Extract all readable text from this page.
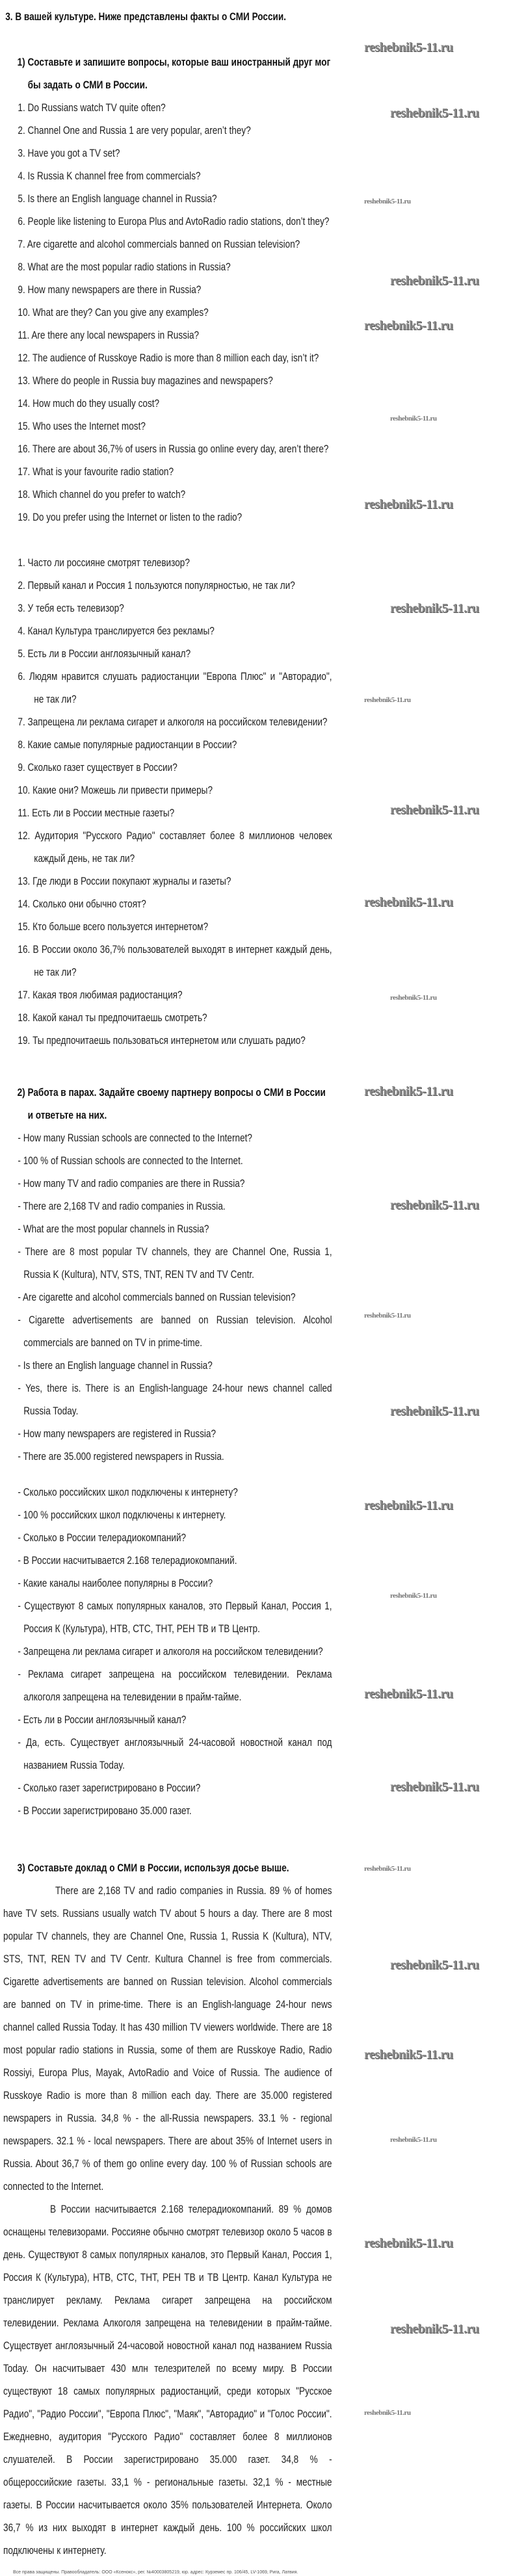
3. В вашей культуре. Ниже представлены факты о СМИ России.

1) Составьте и запишите вопросы, которые ваш иностранный друг мог бы задать о СМИ в России.

1. Do Russians watch TV quite often?

2. Channel One and Russia 1 are very popular, aren’t they?

3. Have you got a TV set?

4. Is Russia K channel free from commercials?

5. Is there an English language channel in Russia?

6. People like listening to Europa Plus and AvtoRadio radio stations, don’t they?

7. Are cigarette and alcohol commercials banned on Russian television?

8. What are the most popular radio stations in Russia?

9. How many newspapers are there in Russia?

10. What are they? Can you give any examples?

11. Are there any local newspapers in Russia?

12. The audience of Russkoye Radio is more than 8 million each day, isn’t it?

13. Where do people in Russia buy magazines and newspapers?

14. How much do they usually cost?

15. Who uses the Internet most?

16. There are about 36,7% of users in Russia go online every day, aren’t there?

17. What is your favourite radio station?

18. Which channel do you prefer to watch?

19. Do you prefer using the Internet or listen to the radio?

1. Часто ли россияне смотрят телевизор?

2. Первый канал и Россия 1 пользуются популярностью, не так ли?

3. У тебя есть телевизор?

4. Канал Культура транслируется без рекламы?

5. Есть ли в России англоязычный канал?

6. Людям нравится слушать радиостанции "Европа Плюс" и "Авторадио", не так ли?

7. Запрещена ли реклама сигарет и алкоголя на российском телевидении?

8. Какие самые популярные радиостанции в России?

9. Сколько газет существует в России?

10. Какие они? Можешь ли привести примеры?

11. Есть ли в России местные газеты?

12. Аудитория "Русского Радио" составляет более 8 миллионов человек каждый день, не так ли?

13. Где люди в России покупают журналы и газеты?

14. Сколько они обычно стоят?

15. Кто больше всего пользуется интернетом?

16. В России около 36,7% пользователей выходят в интернет каждый день, не так ли?

17. Какая твоя любимая радиостанция?

18. Какой канал ты предпочитаешь смотреть?

19. Ты предпочитаешь пользоваться интернетом или слушать радио?

2) Работа в парах. Задайте своему партнеру вопросы о СМИ в России и ответьте на них.

- How many Russian schools are connected to the Internet?

- 100 % of Russian schools are connected to the Internet.

- How many TV and radio companies are there in Russia?

- There are 2,168 TV and radio companies in Russia.

- What are the most popular channels in Russia?

- There are 8 most popular TV channels, they are Channel One, Russia 1, Russia K (Kultura), NTV, STS, TNT, REN TV and TV Centr.

- Are cigarette and alcohol commercials banned on Russian television?

- Cigarette advertisements are banned on Russian television. Alcohol commercials are banned on TV in prime-time.

- Is there an English language channel in Russia?

- Yes, there is. There is an English-language 24-hour news channel called Russia Today.

- How many newspapers are registered in Russia?

- There are 35.000 registered newspapers in Russia.

- Сколько российских школ подключены к интернету?

- 100 % российских школ подключены к интернету.

- Сколько в России телерадиокомпаний?

- В России насчитывается 2.168 телерадиокомпаний.

- Какие каналы наиболее популярны в России?

- Существуют 8 самых популярных каналов, это Первый Канал, Россия 1, Россия К (Культура), НТВ, СТС, ТНТ, РЕН ТВ и ТВ Центр.

- Запрещена ли реклама сигарет и алкоголя на российском телевидении?

- Реклама сигарет запрещена на российском телевидении. Реклама алкоголя запрещена на телевидении в прайм-тайме.

- Есть ли в России англоязычный канал?

- Да, есть. Существует англоязычный 24-часовой новостной канал под названием Russia Today.

- Сколько газет зарегистрировано в России?

- В России зарегистрировано 35.000 газет.

3) Составьте доклад о СМИ в России, используя досье выше.

There are 2,168 TV and radio companies in Russia. 89 % of homes have TV sets. Russians usually watch TV about 5 hours a day. There are 8 most popular TV channels, they are Channel One, Russia 1, Russia K (Kultura), NTV, STS, TNT, REN TV and TV Centr. Kultura Channel is free from commercials. Cigarette advertisements are banned on Russian television. Alcohol commercials are banned on TV in prime-time. There is an English-language 24-hour news channel called Russia Today. It has 430 million TV viewers worldwide. There are 18 most popular radio stations in Russia, some of them are Russkoye Radio, Radio Rossiyi, Europa Plus, Mayak, AvtoRadio and Voice of Russia. The audience of Russkoye Radio is more than 8 million each day. There are 35.000 registered newspapers in Russia. 34,8 % - the all-Russia newspapers. 33.1 % - regional newspapers. 32.1 % - local newspapers. There are about 35% of Internet users in Russia. About 36,7 % of them go online every day. 100 % of Russian schools are connected to the Internet.

В России насчитывается 2.168 телерадиокомпаний. 89 % домов оснащены телевизорами. Россияне обычно смотрят телевизор около 5 часов в день. Существуют 8 самых популярных каналов, это Первый Канал, Россия 1, Россия К (Культура), НТВ, СТС, ТНТ, РЕН ТВ и ТВ Центр. Канал Культура не транслирует рекламу. Реклама сигарет запрещена на российском телевидении. Реклама Алкоголя запрещена на телевидении в прайм-тайме. Существует англоязычный 24-часовой новостной канал под названием Russia Today. Он насчитывает 430 млн телезрителей по всему миру. В России существуют 18 самых популярных радиостанций, среди которых "Русское Радио", "Радио России", "Европа Плюс", "Маяк", "Авторадио" и "Голос России". Ежедневно, аудитория "Русского Радио" составляет более 8 миллионов слушателей. В России зарегистрировано 35.000 газет. 34,8 % - общероссийские газеты. 33,1 % - региональные газеты. 32,1 % - местные газеты. В России насчитывается около 35% пользователей Интернета. Около 36,7 % из них выходят в интернет каждый день. 100 % российских школ подключены к интернету.

Все права защищены. Правообладатель: ООО «Ксенокс», рег. №40003805219, юр. адрес: Курземес пр. 106/45, LV-1069, Рига, Латвия.
reshebnik5-11.ru
reshebnik5-11.ru
reshebnik5-11.ru
reshebnik5-11.ru
reshebnik5-11.ru
reshebnik5-11.ru
reshebnik5-11.ru
reshebnik5-11.ru
reshebnik5-11.ru
reshebnik5-11.ru
reshebnik5-11.ru
reshebnik5-11.ru
reshebnik5-11.ru
reshebnik5-11.ru
reshebnik5-11.ru
reshebnik5-11.ru
reshebnik5-11.ru
reshebnik5-11.ru
reshebnik5-11.ru
reshebnik5-11.ru
reshebnik5-11.ru
reshebnik5-11.ru
reshebnik5-11.ru
reshebnik5-11.ru
reshebnik5-11.ru
reshebnik5-11.ru
reshebnik5-11.ru
